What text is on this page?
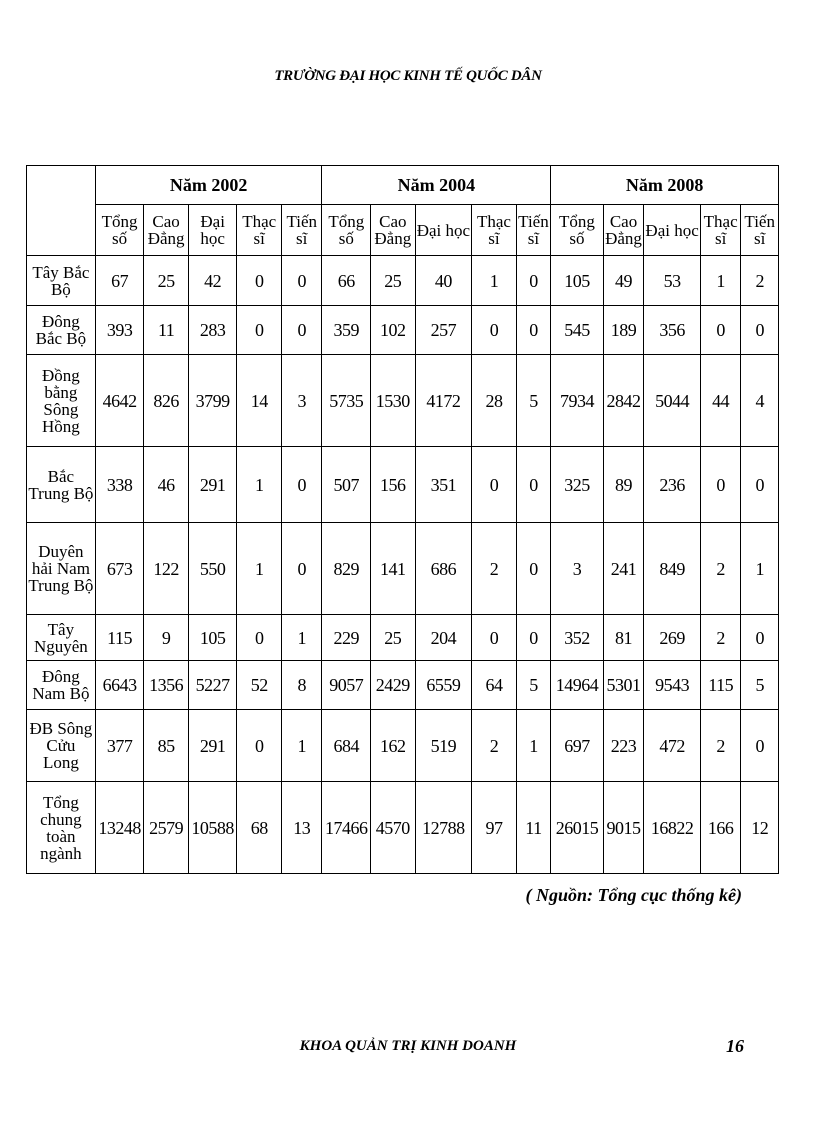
TRƯỜNG ĐẠI HỌC KINH TẾ QUỐC DÂN
	Năm 2002					Năm 2004					Năm 2008				
	Tổng số	Cao Đẳng	Đại học	Thạc sĩ	Tiến sĩ	Tổng số	Cao Đẳng	Đại học	Thạc sĩ	Tiến sĩ	Tổng số	Cao Đẳng	Đại học	Thạc sĩ	Tiến sĩ
Tây Bắc Bộ	67	25	42	0	0	66	25	40	1	0	105	49	53	1	2
Đông Bắc Bộ	393	11	283	0	0	359	102	257	0	0	545	189	356	0	0
Đồng bằng Sông Hồng	4642	826	3799	14	3	5735	1530	4172	28	5	7934	2842	5044	44	4
Bắc Trung Bộ	338	46	291	1	0	507	156	351	0	0	325	89	236	0	0
Duyên hải Nam Trung Bộ	673	122	550	1	0	829	141	686	2	0	3	241	849	2	1
Tây Nguyên	115	9	105	0	1	229	25	204	0	0	352	81	269	2	0
Đông Nam Bộ	6643	1356	5227	52	8	9057	2429	6559	64	5	14964	5301	9543	115	5
ĐB Sông Cửu Long	377	85	291	0	1	684	162	519	2	1	697	223	472	2	0
Tổng chung toàn ngành	13248	2579	10588	68	13	17466	4570	12788	97	11	26015	9015	16822	166	12
( Nguồn: Tổng cục thống kê)
KHOA QUẢN TRỊ KINH DOANH	16
